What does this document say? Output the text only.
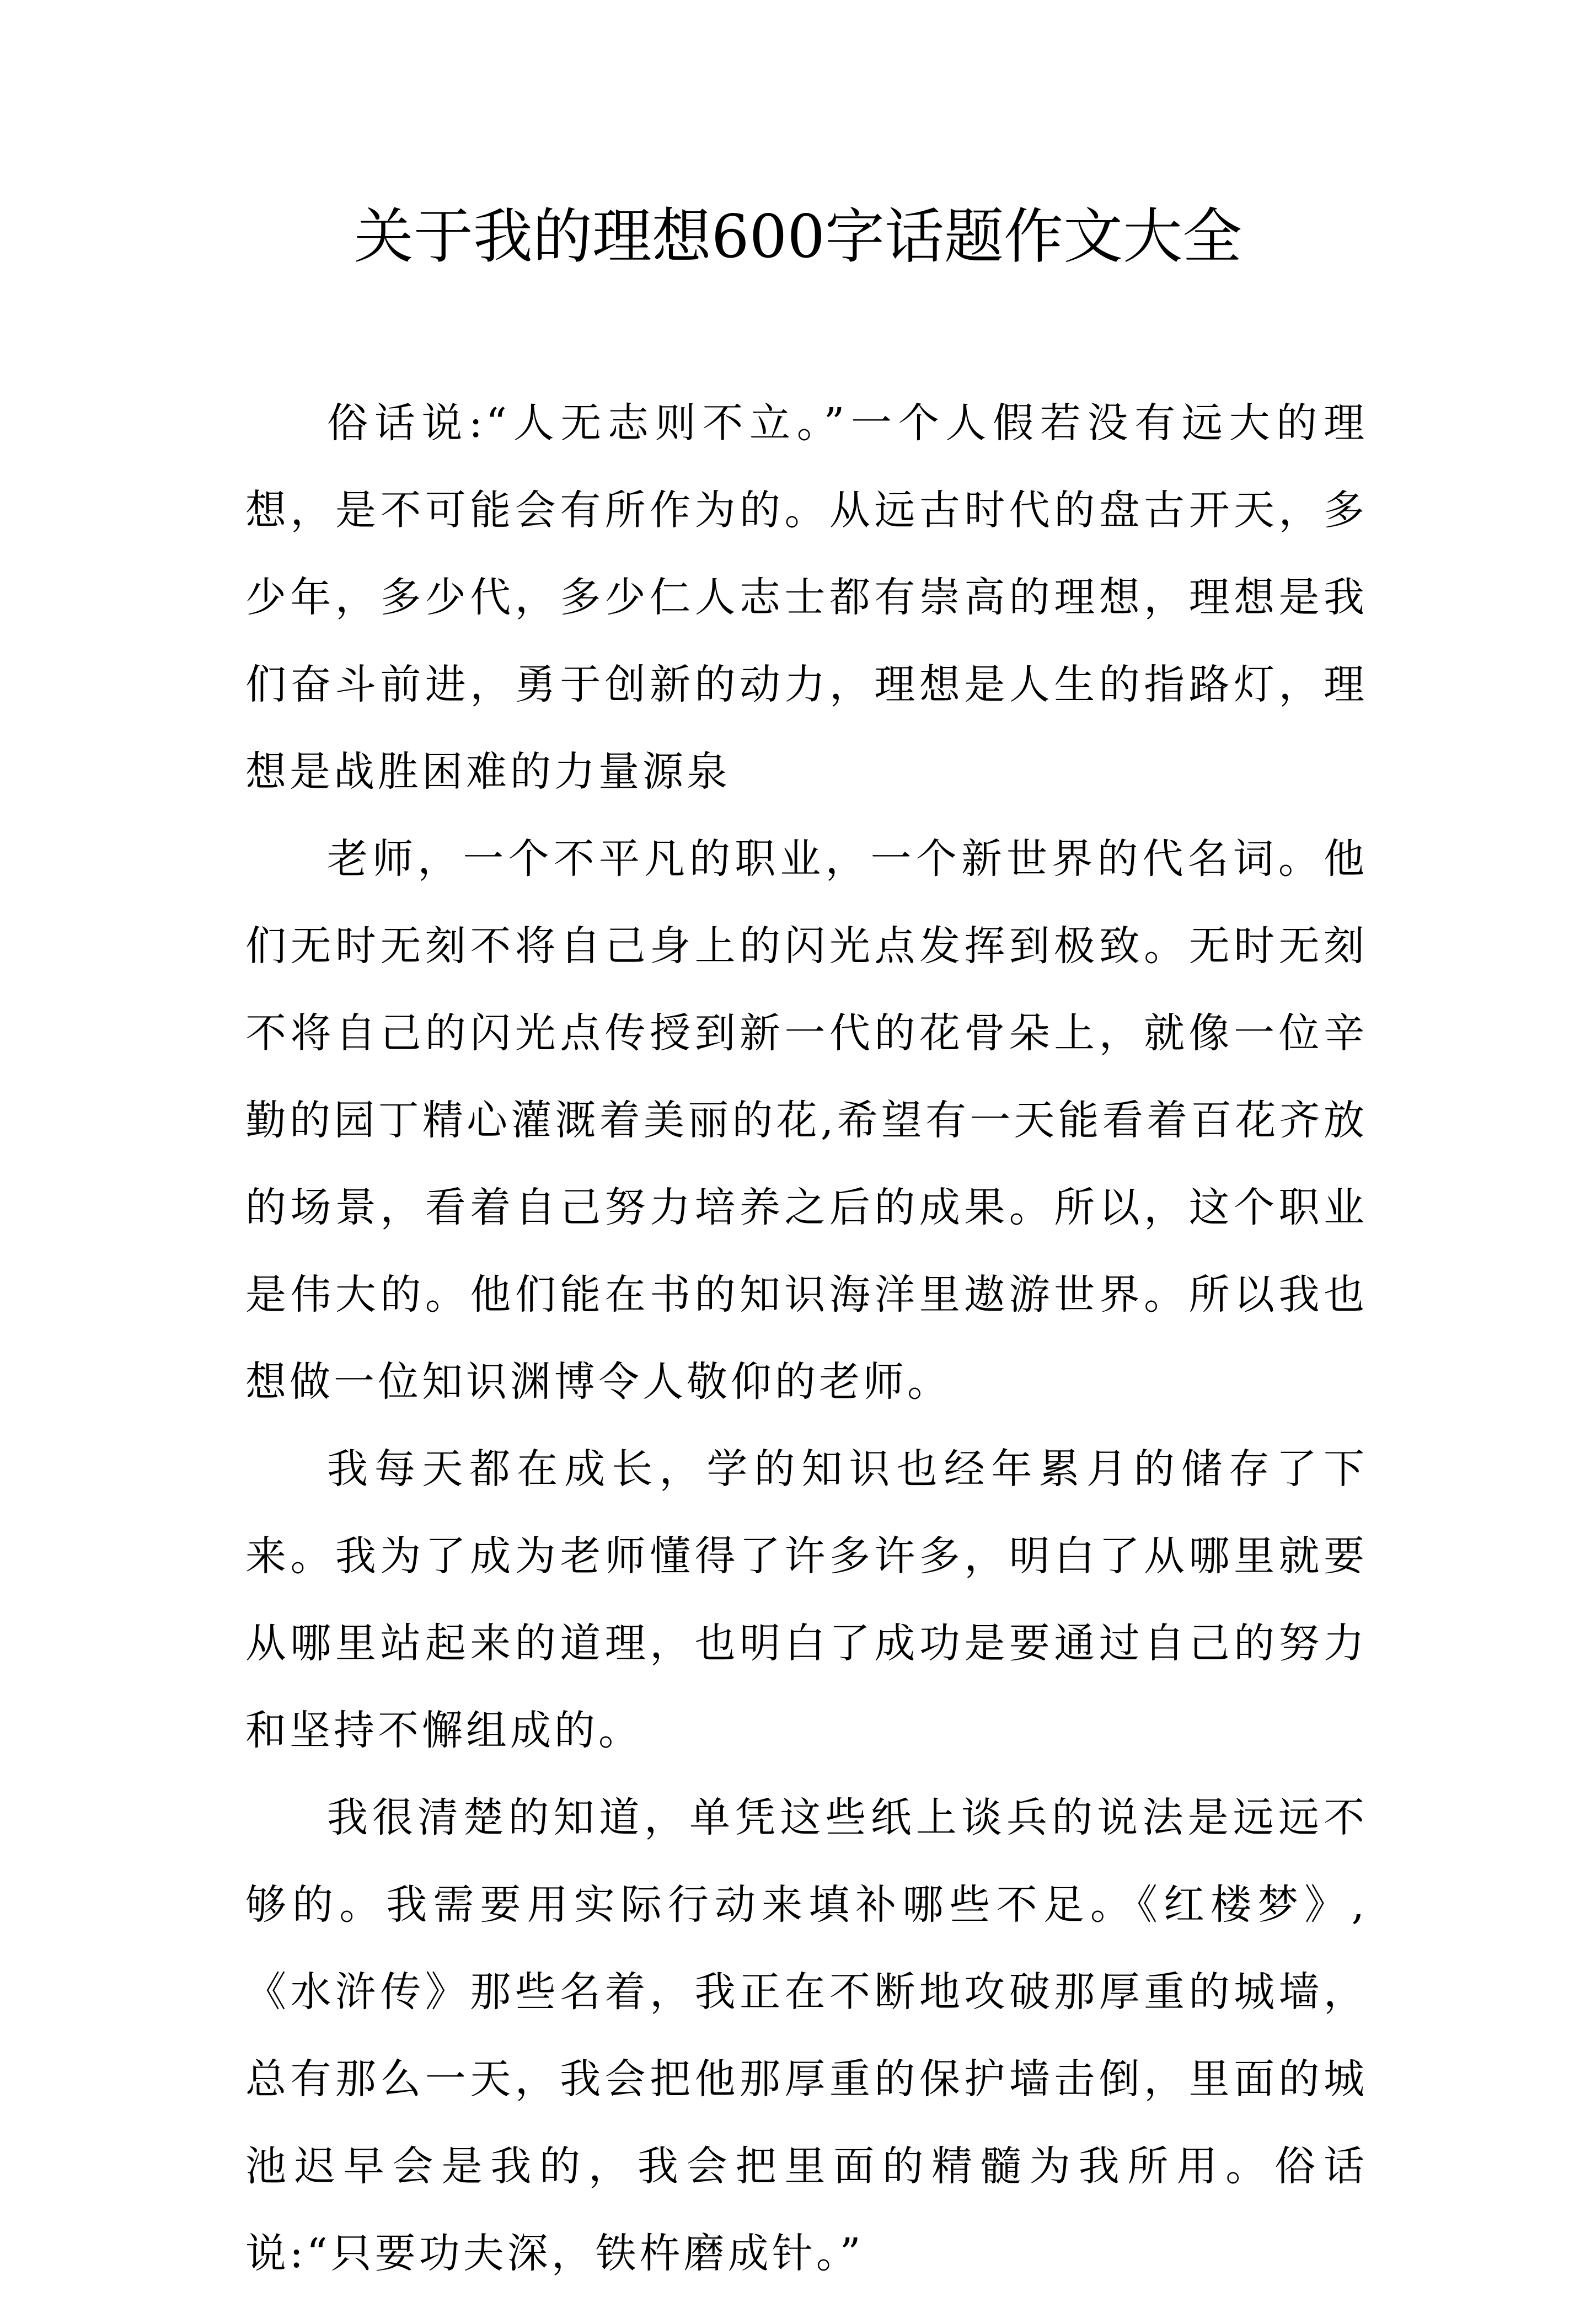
关于我的理想600字话题作文大全

俗话说:“人无志则不立。”一个人假若没有远大的理想，是不可能会有所作为的。从远古时代的盘古开天，多少年，多少代，多少仁人志士都有崇高的理想，理想是我们奋斗前进，勇于创新的动力，理想是人生的指路灯，理想是战胜困难的力量源泉

老师，一个不平凡的职业，一个新世界的代名词。他们无时无刻不将自己身上的闪光点发挥到极致。无时无刻不将自己的闪光点传授到新一代的花骨朵上，就像一位辛勤的园丁精心灌溉着美丽的花,希望有一天能看着百花齐放的场景，看着自己努力培养之后的成果。所以，这个职业是伟大的。他们能在书的知识海洋里遨游世界。所以我也想做一位知识渊博令人敬仰的老师。

我每天都在成长，学的知识也经年累月的储存了下来。我为了成为老师懂得了许多许多，明白了从哪里就要从哪里站起来的道理，也明白了成功是要通过自己的努力和坚持不懈组成的。

我很清楚的知道，单凭这些纸上谈兵的说法是远远不够的。我需要用实际行动来填补哪些不足。《红楼梦》,《水浒传》那些名着，我正在不断地攻破那厚重的城墙，总有那么一天，我会把他那厚重的保护墙击倒，里面的城池迟早会是我的，我会把里面的精髓为我所用。俗话说:“只要功夫深，铁杵磨成针。”
